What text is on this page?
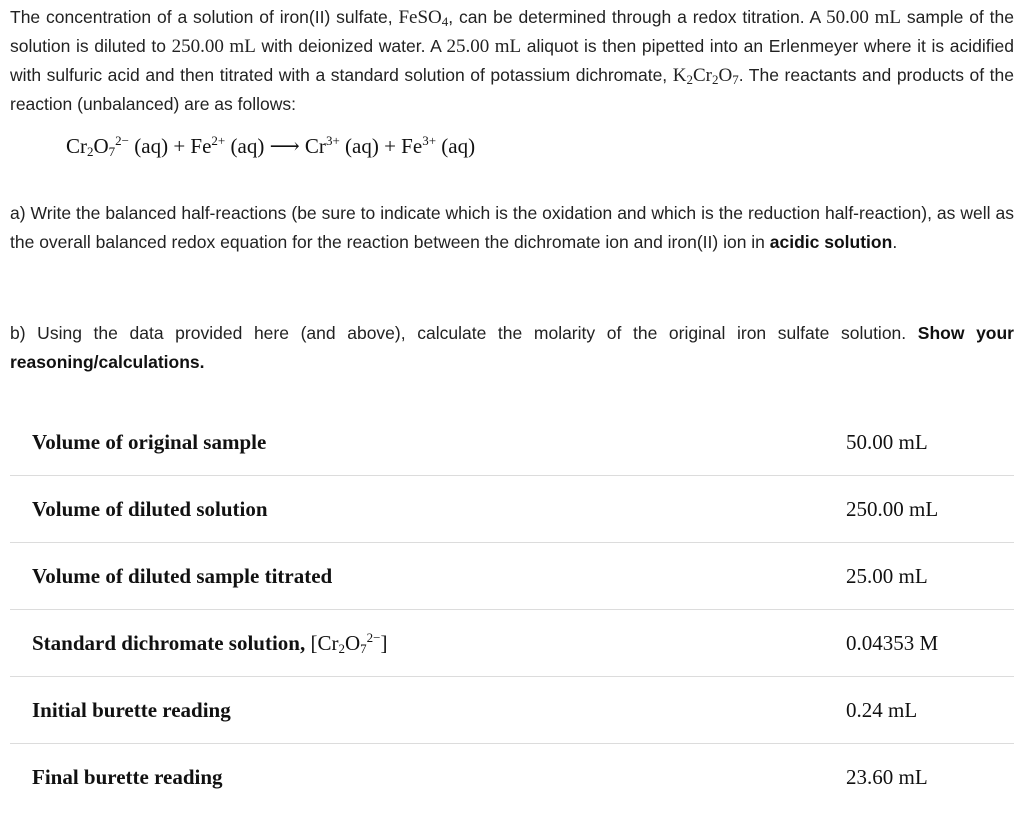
The concentration of a solution of iron(II) sulfate, FeSO$_4$, can be determined through a redox titration. A 50.00 mL sample of the solution is diluted to 250.00 mL with deionized water. A 25.00 mL aliquot is then pipetted into an Erlenmeyer where it is acidified with sulfuric acid and then titrated with a standard solution of potassium dichromate, $K_2Cr_2O_7$. The reactants and products of the reaction (unbalanced) are as follows:

$Cr_2O_7^{2-}$ $(aq) + Fe^{2+}$ (aq) ⟶ $Cr^{3+}$ $(aq) + Fe^{3+}$ (aq)

a) Write the balanced half-reactions (be sure to indicate which is the oxidation and which is the reduction half-reaction), as well as the overall balanced redox equation for the reaction between the dichromate ion and iron(II) ion in acidic solution.

b) Using the data provided here (and above), calculate the molarity of the original iron sulfate solution. Show your reasoning/calculations.

Volume of original sample	50.00 mL
Volume of diluted solution	250.00 mL
Volume of diluted sample titrated	25.00 mL
Standard dichromate solution, $[Cr_2O_7^{2-}]$	0.04353 M
Initial burette reading	0.24 mL
Final burette reading	23.60 mL
